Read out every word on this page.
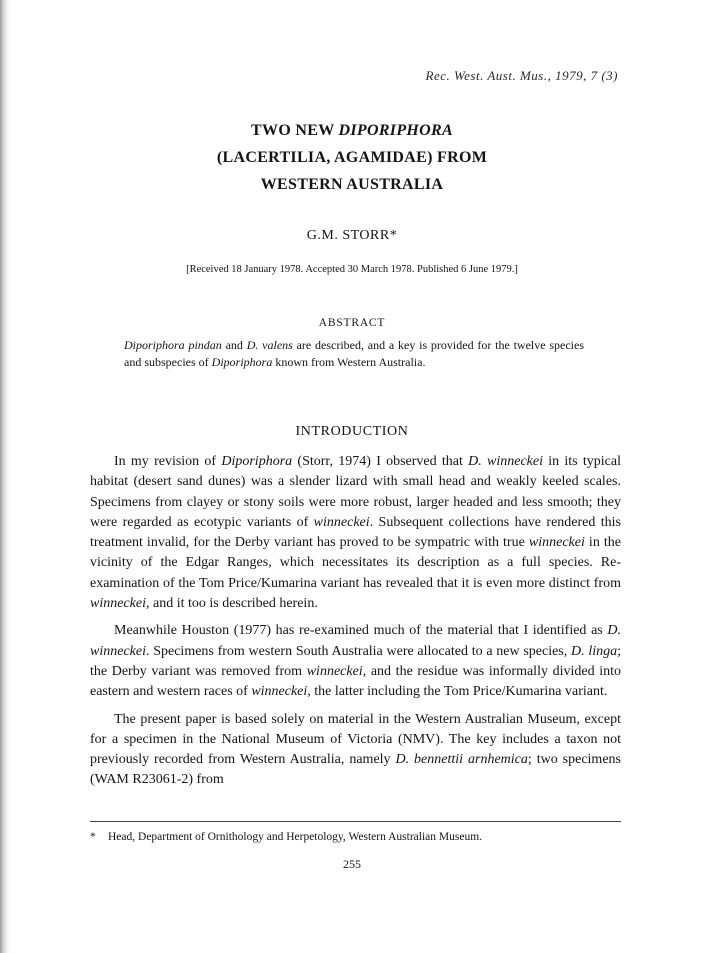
Rec. West. Aust. Mus., 1979, 7 (3)
TWO NEW DIPORIPHORA
(LACERTILIA, AGAMIDAE) FROM
WESTERN AUSTRALIA
G.M. STORR*
[Received 18 January 1978. Accepted 30 March 1978. Published 6 June 1979.]
ABSTRACT
Diporiphora pindan and D. valens are described, and a key is provided for the twelve species and subspecies of Diporiphora known from Western Australia.
INTRODUCTION

In my revision of Diporiphora (Storr, 1974) I observed that D. winneckei in its typical habitat (desert sand dunes) was a slender lizard with small head and weakly keeled scales. Specimens from clayey or stony soils were more robust, larger headed and less smooth; they were regarded as ecotypic variants of winneckei. Subsequent collections have rendered this treatment invalid, for the Derby variant has proved to be sympatric with true winneckei in the vicinity of the Edgar Ranges, which necessitates its description as a full species. Re-examination of the Tom Price/Kumarina variant has revealed that it is even more distinct from winneckei, and it too is described herein.

Meanwhile Houston (1977) has re-examined much of the material that I identified as D. winneckei. Specimens from western South Australia were allocated to a new species, D. linga; the Derby variant was removed from winneckei, and the residue was informally divided into eastern and western races of winneckei, the latter including the Tom Price/Kumarina variant.

The present paper is based solely on material in the Western Australian Museum, except for a specimen in the National Museum of Victoria (NMV). The key includes a taxon not previously recorded from Western Australia, namely D. bennettii arnhemica; two specimens (WAM R23061-2) from

* Head, Department of Ornithology and Herpetology, Western Australian Museum.
255
